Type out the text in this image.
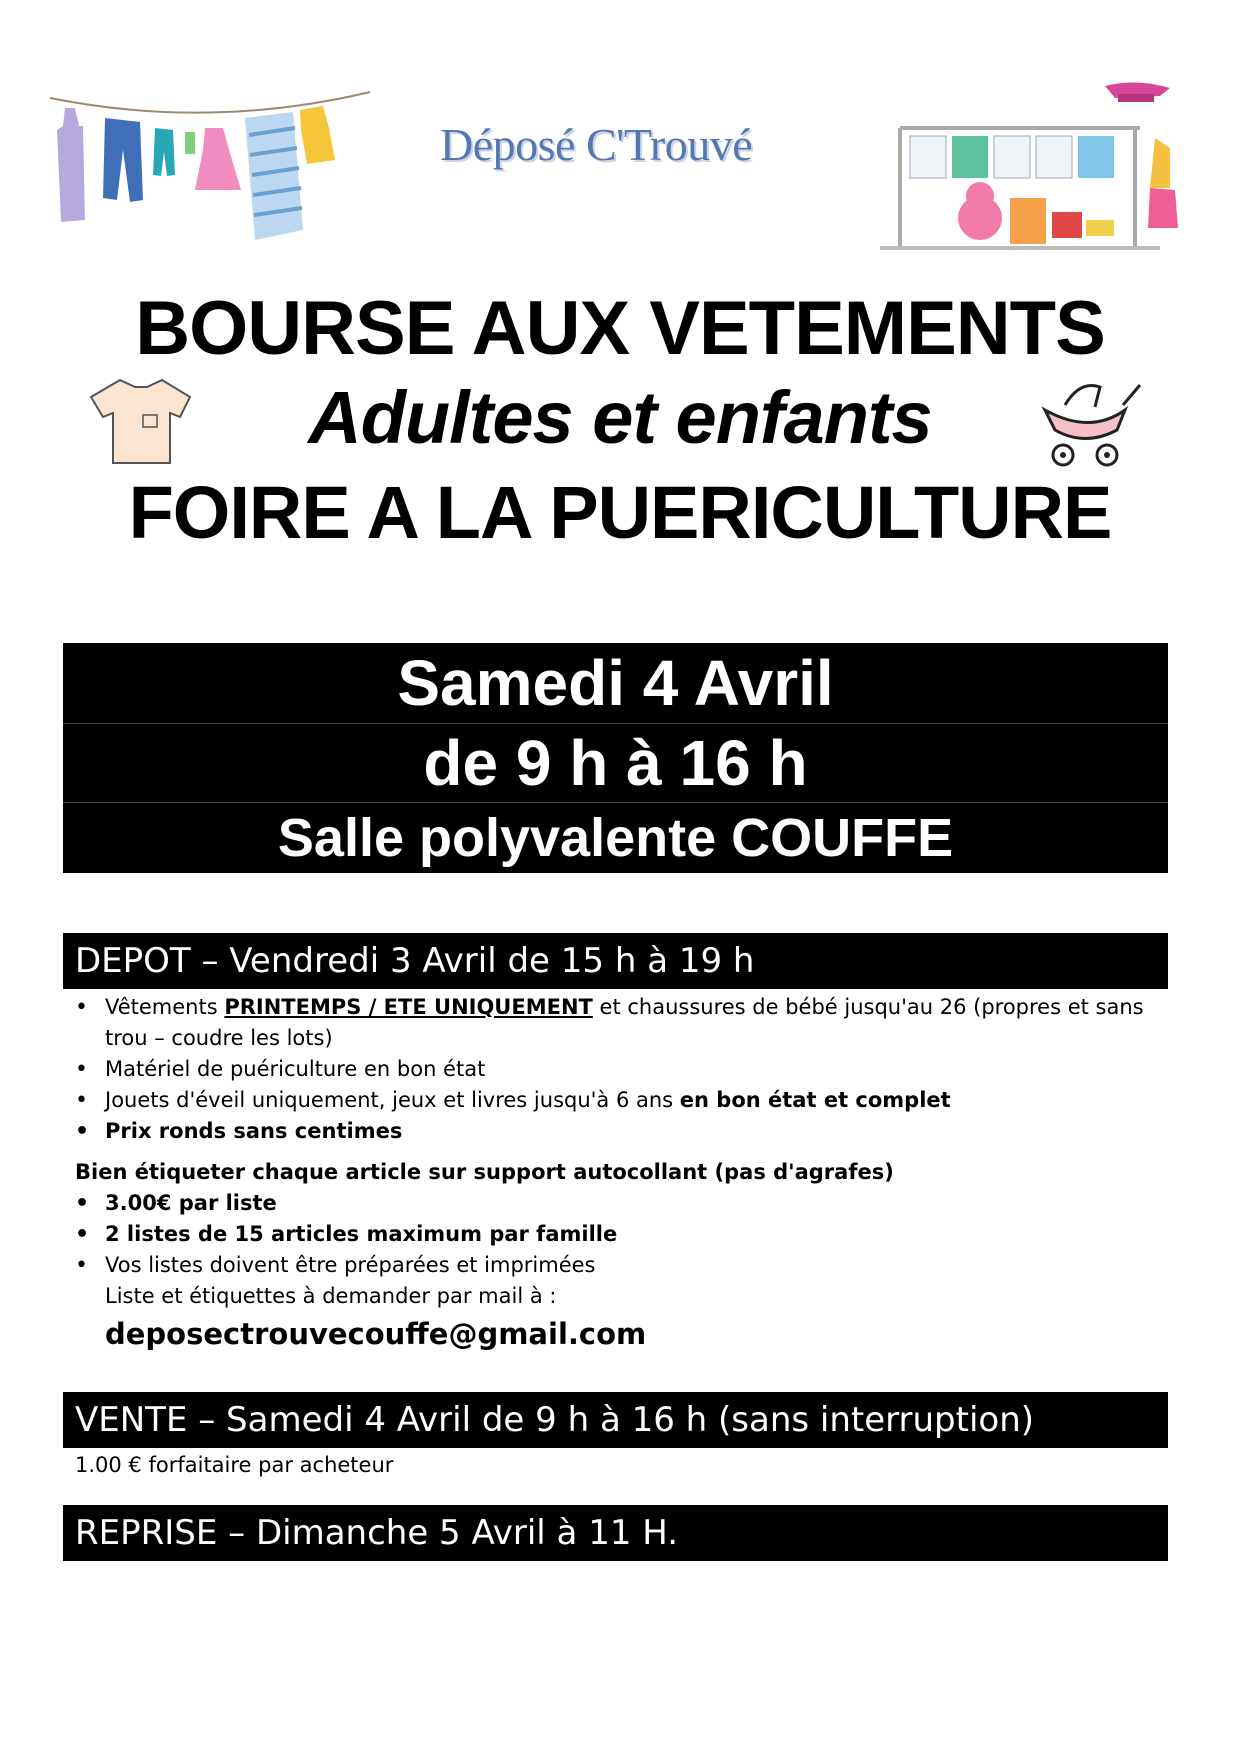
Déposé C'Trouvé
BOURSE AUX VETEMENTS
Adultes et enfants
FOIRE A LA PUERICULTURE
Samedi 4 Avril
de 9 h à 16 h
Salle polyvalente COUFFE
DEPOT – Vendredi 3 Avril de 15 h à 19 h
• Vêtements PRINTEMPS / ETE UNIQUEMENT et chaussures de bébé jusqu'au 26 (propres et sans trou – coudre les lots)
• Matériel de puériculture en bon état
• Jouets d'éveil uniquement, jeux et livres jusqu'à 6 ans en bon état et complet
• Prix ronds sans centimes
Bien étiqueter chaque article sur support autocollant (pas d'agrafes)
• 3.00€ par liste
• 2 listes de 15 articles maximum par famille
• Vos listes doivent être préparées et imprimées
Liste et étiquettes à demander par mail à :
deposectrouvecouffe@gmail.com
VENTE – Samedi 4 Avril de 9 h à 16 h (sans interruption)
1.00 € forfaitaire par acheteur
REPRISE – Dimanche 5 Avril à 11 H.
